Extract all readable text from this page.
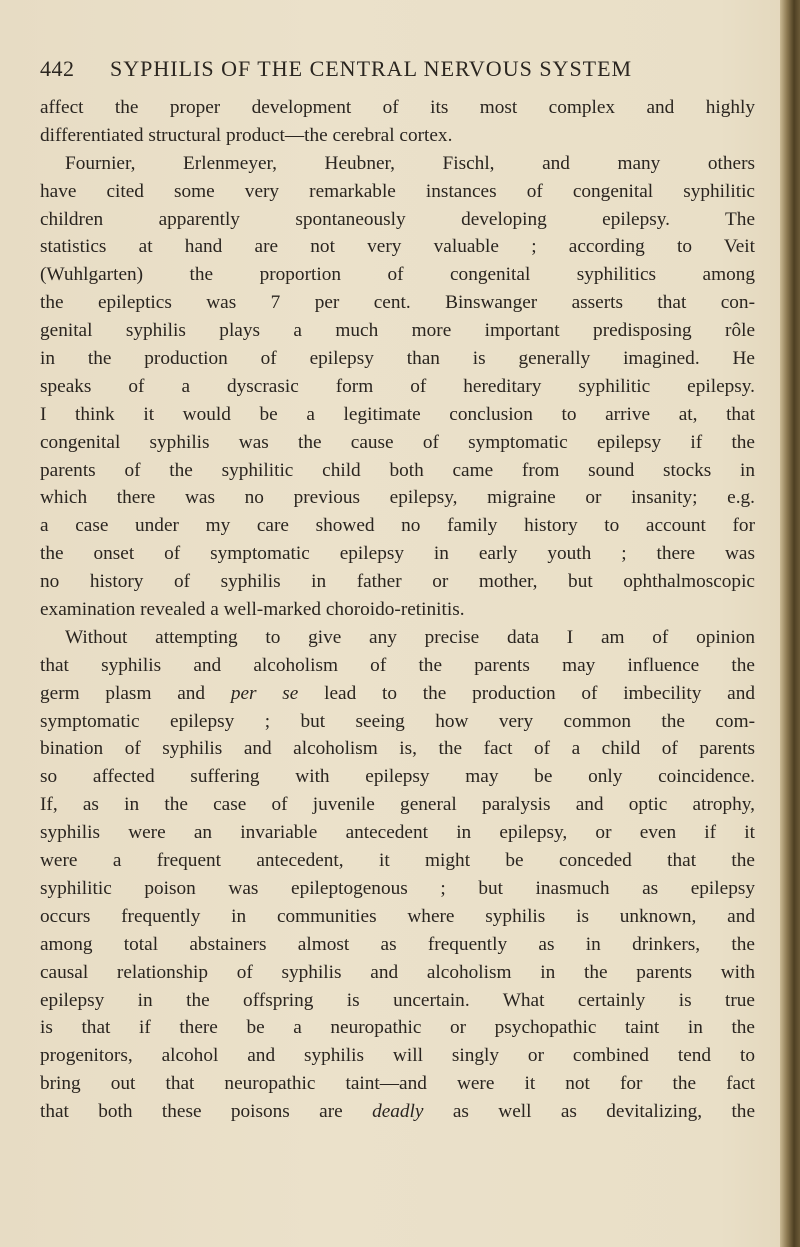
442 SYPHILIS OF THE CENTRAL NERVOUS SYSTEM
affect the proper development of its most complex and highly
differentiated structural product—the cerebral cortex.
Fournier, Erlenmeyer, Heubner, Fischl, and many others
have cited some very remarkable instances of congenital syphilitic
children apparently spontaneously developing epilepsy. The
statistics at hand are not very valuable ; according to Veit
(Wuhlgarten) the proportion of congenital syphilitics among
the epileptics was 7 per cent. Binswanger asserts that con-
genital syphilis plays a much more important predisposing rôle
in the production of epilepsy than is generally imagined. He
speaks of a dyscrasic form of hereditary syphilitic epilepsy.
I think it would be a legitimate conclusion to arrive at, that
congenital syphilis was the cause of symptomatic epilepsy if the
parents of the syphilitic child both came from sound stocks in
which there was no previous epilepsy, migraine or insanity; e.g.
a case under my care showed no family history to account for
the onset of symptomatic epilepsy in early youth ; there was
no history of syphilis in father or mother, but ophthalmoscopic
examination revealed a well-marked choroido-retinitis.
Without attempting to give any precise data I am of opinion
that syphilis and alcoholism of the parents may influence the
germ plasm and per se lead to the production of imbecility and
symptomatic epilepsy ; but seeing how very common the com-
bination of syphilis and alcoholism is, the fact of a child of parents
so affected suffering with epilepsy may be only coincidence.
If, as in the case of juvenile general paralysis and optic atrophy,
syphilis were an invariable antecedent in epilepsy, or even if it
were a frequent antecedent, it might be conceded that the
syphilitic poison was epileptogenous ; but inasmuch as epilepsy
occurs frequently in communities where syphilis is unknown, and
among total abstainers almost as frequently as in drinkers, the
causal relationship of syphilis and alcoholism in the parents with
epilepsy in the offspring is uncertain. What certainly is true
is that if there be a neuropathic or psychopathic taint in the
progenitors, alcohol and syphilis will singly or combined tend to
bring out that neuropathic taint—and were it not for the fact
that both these poisons are deadly as well as devitalizing, the
